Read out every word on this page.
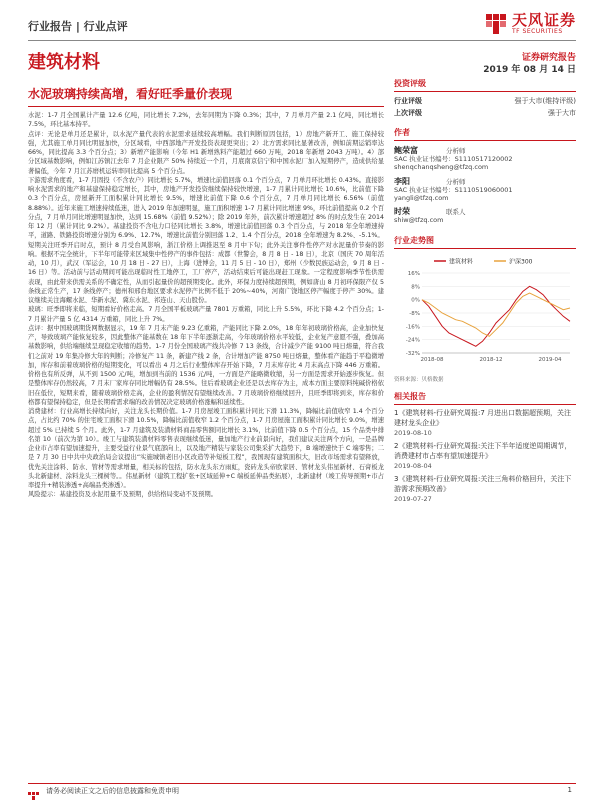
行业报告 | 行业点评	天风证券
TF SECURITIES
建筑材料	证券研究报告
2019 年 08 月 14 日
水泥玻璃持续高增，看好旺季量价表现

水泥：1-7 月全国累计产量 12.6 亿吨，同比增长 7.2%，去年同期为下降 0.3%；其中，7 月单月产量 2.1 亿吨，同比增长 7.5%，环比基本持平。

点评：无论是单月还是累计，以水泥产量代表的水泥需求延续较高增幅。我们判断原因包括，1）房地产新开工、施工保持较强，尤其施工单月同比明显加快，分区域看，中西部地产开发投资表现更突出；2）北方需求同比显著改善，例如前期运销率达 66%，同比提高 3.3 个百分点；3）新增产能影响（今年 H1 新增熟料产能超过 660 万吨，2018 年新增 2043 万吨）。4）部分区域基数影响，例如江苏镇江去年 7 月企业限产 50% 持续近一个月，月底南京信宁和中国水泥厂加入短期停产，造成供给显著偏低，今年 7 月江苏磨机运转率同比提高 5 个百分点。

下游需求角度看，1-7 月固投（不含农户）同比增长 5.7%，增速比前值回落 0.1 个百分点，7 月单月环比增长 0.43%。直接影响水泥需求的地产和基建保持稳定增长，其中，房地产开发投资继续保持较快增速，1-7 月累计同比增长 10.6%，比前值下降 0.3 个百分点，房屋新开工面积累计同比增长 9.5%，增速比前值下降 0.6 个百分点，7 月单月同比增长 6.56%（前值 8.88%）。近年来施工增速持续低迷，进入 2019 年加速明显，施工面积增速 1-7 月累计同比增速 9%，环比前值提高 0.2 个百分点，7 月单月同比增速明显加快，达到 15.68%（前值 9.52%）；除 2019 年外，前次累计增速超过 8% 的时点发生在 2014 年 12 月（累计同比 9.2%）。基建投资不含电力口径同比增长 3.8%，增速比前值回落 0.3 个百分点，与 2018 年全年增速持平，道路、铁路投资增速分别为 6.9%、12.7%，增速比前值分别回落 1.2、1.4 个百分点，2018 全年增速为 8.2%、-5.1%。

短期关注旺季开启时点，预计 8 月受台风影响，浙江价格上调推迟至 8 月中下旬；此外关注事件性停产对水泥量价节奏的影响。根据不完全统计，下半年可能带来区域集中性停产的事件包括：成都（世警会，8 月 8 日 - 18 日），北京（国庆 70 周年活动，10 月），武汉（军运会，10 月 18 日 - 27 日），上海（进博会，11 月 5 日 - 10 日），郑州（少数民族运动会，9 月 8 日 - 16 日）等。活动前与活动期间可能出现临时性工地停工，工厂停产，活动结束后可能出现赶工现象。一定程度影响季节性供需表现，由此带来供需关系的不确定性，从而引起量价的超预期变化。此外，环保力度持续超预期，例如唐山 8 月初环保限产仅 5 条线正常生产，17 条线停产；德州和邢台地区要求水泥停产比例不低于 20%~40%，河南广饶地区停产幅度于停产 30%。建议继续关注海螺水泥、华新水泥、冀东水泥、祁连山、天山股份。

玻璃：旺季即将来临，短期看好价格走高。7 月全国平板玻璃产量 7801 万重箱，同比上升 5.5%，环比下降 4.2 个百分点；1-7 月累计产量 5 亿 4314 万重箱，同比上升 7%。

点评：据中国玻璃期货网数据显示，19 年 7 月末产能 9.23 亿重箱，产能同比下降 2.0%，18 年年初玻璃价格高，企业加快复产，导致玻璃产能恢复较多，因此整体产能基数在 18 年下半年逐渐走高，今年玻璃价格水平较低，企业复产意愿不强，叠加高基数影响，供给端继续呈现稳定收缩的趋势。1-7 月份全国玻璃产线共冷修 7 13 条线，合计减少产能 9100 吨日熔量，符合我们之前对 19 年集冷修大年的判断；冷修复产 11 条，新建产线 2 条，合计增加产能 8750 吨日熔量，整体看产能趋于平稳微增加，库存和前着玻璃价格的短期变化，可以看出 4 月之后行业整体库存开始下降，7 月末库存比 4 月末高点下降 446 万重箱。价格也有所反弹，从不到 1500 元/吨，增加到当前的 1536 元/吨，一方面是产能略微收缩，另一方面是需求开始逐步恢复。但是整体库存仍然较高，7 月末厂家库存同比增幅仍有 28.5%。往后看玻璃企业还是以去库存为主，成本方面主要原料纯碱价格依旧在低位，短期来看，随着玻璃价格走高，企业的盈利情况有望继续改善。7 月玻璃价格继续回升，且旺季即将到来，库存和价格都有望保持稳定，但是长期看需求端的改善情况决定玻璃价格涨幅和延续性。

消费建材：行业高增长持续向好，关注龙头长期价值。1-7 月房屋竣工面积累计同比下滑 11.3%，降幅比前值收窄 1.4 个百分点，占比约 70% 的住宅竣工面积下滑 10.5%，降幅比前值收窄 1.2 个百分点，1-7 月房屋施工面积累计同比增长 9.0%，增速超过 5% 已持续 5 个月。此外，1-7 月建筑及装潢材料商品零售额同比增长 3.1%，比前值下降 0.5 个百分点，15 个品类中排名第 10（前次为第 10）。竣工与建筑装潢材料零售表现继续低迷，量加地产行业前景向好，我们建议关注两个方向，一是品牌企业市占率有望加速提升，主要受益行业景气底部向上，以及地产精装与家装公司集采扩大趋势下，B 端增速快于 C 端零售；二是 7 月 30 日中共中央政治局会议提出“实施城镇老旧小区改造等补短板工程”，我国现有建筑面积大，旧改市场需求有望释放，优先关注涂料、防水、管材等需求增量，相关标的包括，防水龙头东方雨虹，瓷砖龙头帝欧家居、管材龙头伟星新材、石膏板龙头北新建材、涂料龙头三棵树等。。伟星新材（建筑工程扩张+区域延伸+C 端板延伸品类拓展），北新建材（竣工传导预期+市占率提升+精装渗透+高端品类渗透）。

风险提示：基建投资及水泥用量不及预期，供给格局变动不及预期。

投资评级
行业评级	强于大市(维持评级)
上次评级	强于大市
作者
鲍荣富	分析师
SAC 执业证书编号：S1110517120002
shenqchanqsheng@tfzq.com
李阳	分析师
SAC 执业证书编号：S1110519060001
yangli@tfzq.com
时荣	联系人
shiw@tfzq.com
行业走势图
建筑材料	沪深300
16%
8%
0%
-8%
-16%
-24%
-32%
2018-08	2018-12	2019-04
资料来源：贝格数据
相关报告
1《建筑材料-行业研究周报:7 月进出口数据超预期，关注建材龙头企业》
2019-08-10
2《建筑材料-行业研究周报:关注下半年适度逆周期调节，消费建材市占率有望加速提升》
2019-08-04
3《建筑材料-行业研究周报:关注三角料价格回升，关注下游需求预期改善》
2019-07-27
请务必阅读正文之后的信息披露和免责申明	1
